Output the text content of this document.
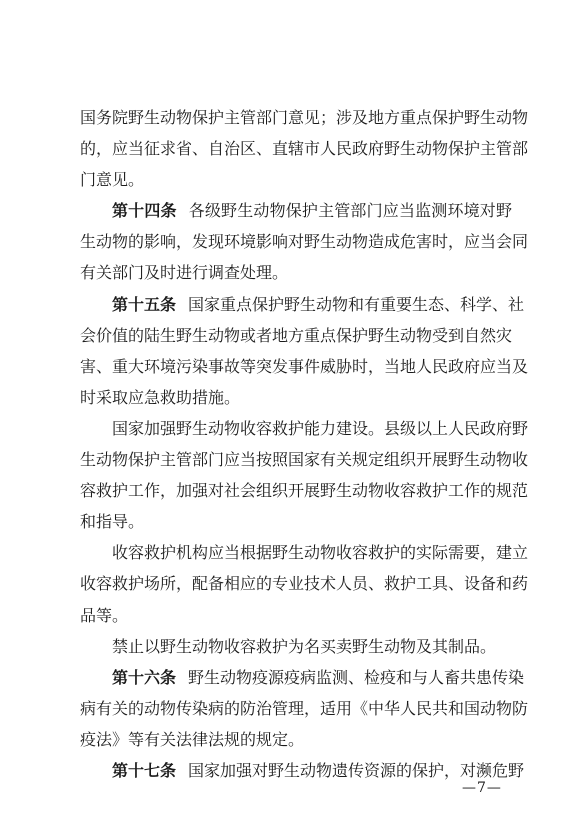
国务院野生动物保护主管部门意见；涉及地方重点保护野生动物
的，应当征求省、自治区、直辖市人民政府野生动物保护主管部
门意见。
第十四条 各级野生动物保护主管部门应当监测环境对野
生动物的影响，发现环境影响对野生动物造成危害时，应当会同
有关部门及时进行调查处理。
第十五条 国家重点保护野生动物和有重要生态、科学、社
会价值的陆生野生动物或者地方重点保护野生动物受到自然灾
害、重大环境污染事故等突发事件威胁时，当地人民政府应当及
时采取应急救助措施。
国家加强野生动物收容救护能力建设。县级以上人民政府野
生动物保护主管部门应当按照国家有关规定组织开展野生动物收
容救护工作，加强对社会组织开展野生动物收容救护工作的规范
和指导。
收容救护机构应当根据野生动物收容救护的实际需要，建立
收容救护场所，配备相应的专业技术人员、救护工具、设备和药
品等。
禁止以野生动物收容救护为名买卖野生动物及其制品。
第十六条 野生动物疫源疫病监测、检疫和与人畜共患传染
病有关的动物传染病的防治管理，适用《中华人民共和国动物防
疫法》等有关法律法规的规定。
第十七条 国家加强对野生动物遗传资源的保护，对濒危野
—7—
